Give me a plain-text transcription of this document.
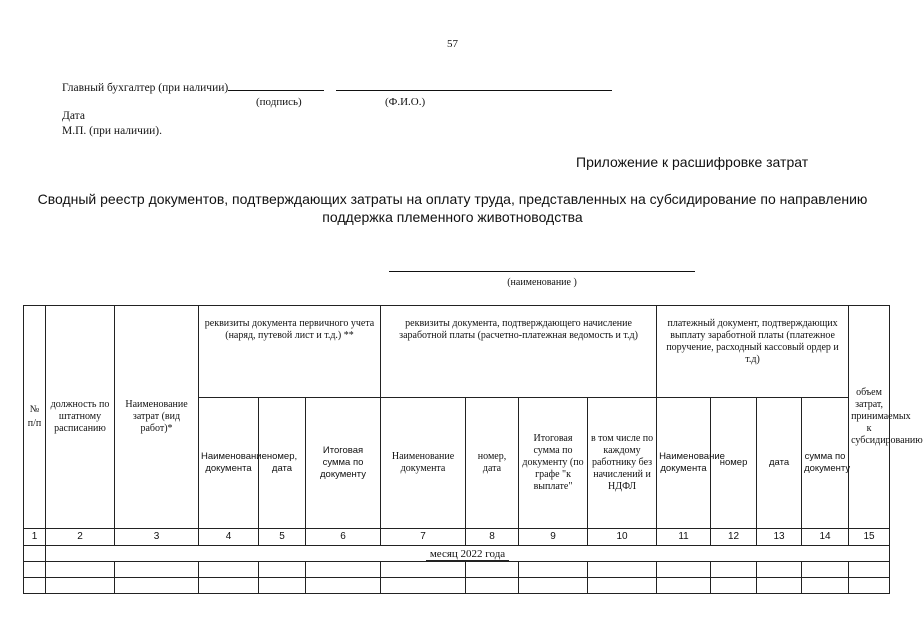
57
Главный бухгалтер (при наличии)
(подпись)	(Ф.И.О.)
Дата
М.П. (при наличии).
Приложение к расшифровке затрат
Сводный реестр документов, подтверждающих затраты на оплату труда, представленных на субсидирование по направлению
поддержка племенного животноводства
(наименование )
№ п/п	должность по штатному расписанию	Наименование затрат (вид работ)*	реквизиты документа первичного учета (наряд, путевой лист и т.д.) **			реквизиты документа, подтверждающего начисление заработной платы (расчетно-платежная ведомость и т.д)				платежный документ, подтверждающих выплату заработной платы (платежное поручение, расходный кассовый ордер и т.д)				объем затрат, принимаемых к субсидированию
			Наименование документа	номер, дата	Итоговая сумма по документу	Наименование документа	номер, дата	Итоговая сумма по документу (по графе "к выплате"	в том числе по каждому работнику без начислений и НДФЛ	Наименование документа	номер	дата	сумма по документу	
1	2	3	4	5	6	7	8	9	10	11	12	13	14	15
	месяц 2022 года													
